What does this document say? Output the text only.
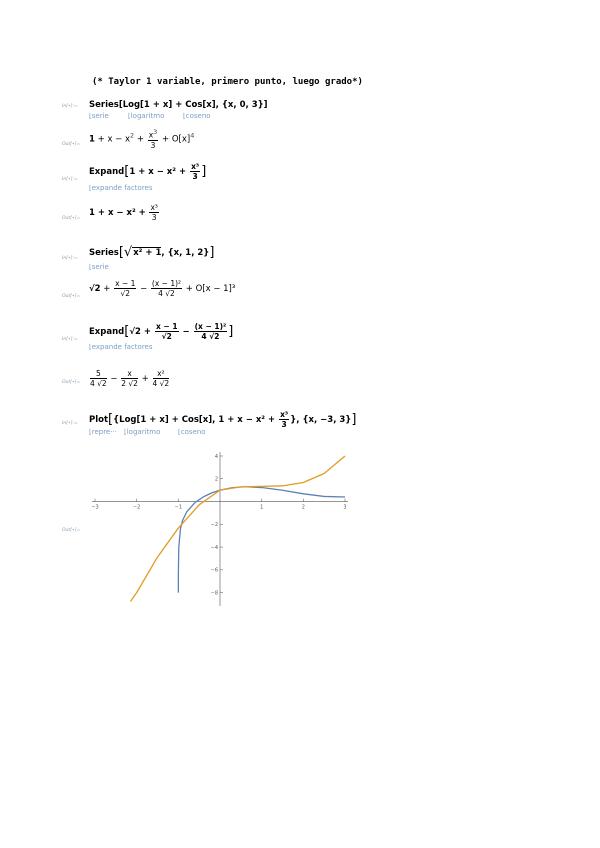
(* Taylor 1 variable, primero punto, luego grado*)
In[∙]:= Series[Log[1 + x] + Cos[x], {x, 0, 3}]
⌊ serie	⌊ logaritmo	⌊ coseno
Out[∙]=
$1 + x - x^2 + \frac{x^3}{3} + O[x]^4$
In[∙]:=
Expand[1 + $x - x^2 + \frac{\text{x³}}{3}$ ]
⌊ expande factores
Out[∙]=
$1 + x - x^2 + \frac{\text{x³}}{3}$
In[∙]:=
Series[√x² + 1, {x, 1, 2}]
⌊ serie
Out[∙]=
$√2 + \frac{x - 1}{√2} - \frac{\text{(x − 1)²}}{4 √2} + O[x - 1]^3$
In[∙]:=
Expand[√2 + $\frac{x - 1}{√2} - \frac{\text{(x − 1)²}}{4 √2}$ ]
⌊ expande factores
$Out[\cdot]= \frac{5}{4 √2} - \frac{x}{2 √2} + \frac{\text{x²}}{4 √2}$
In[∙]:= Plot[{Log[1 + x] + Cos[x], $1 + x - x^2 + \frac{\text{x³}}{3}$ }, {x, −3, 3}]
⌊ repre···	⌊ logaritmo	⌊ coseno
Out[∙]=
−3	−2	−1	1	2	3
4
2
−2
−4
−6
−8
